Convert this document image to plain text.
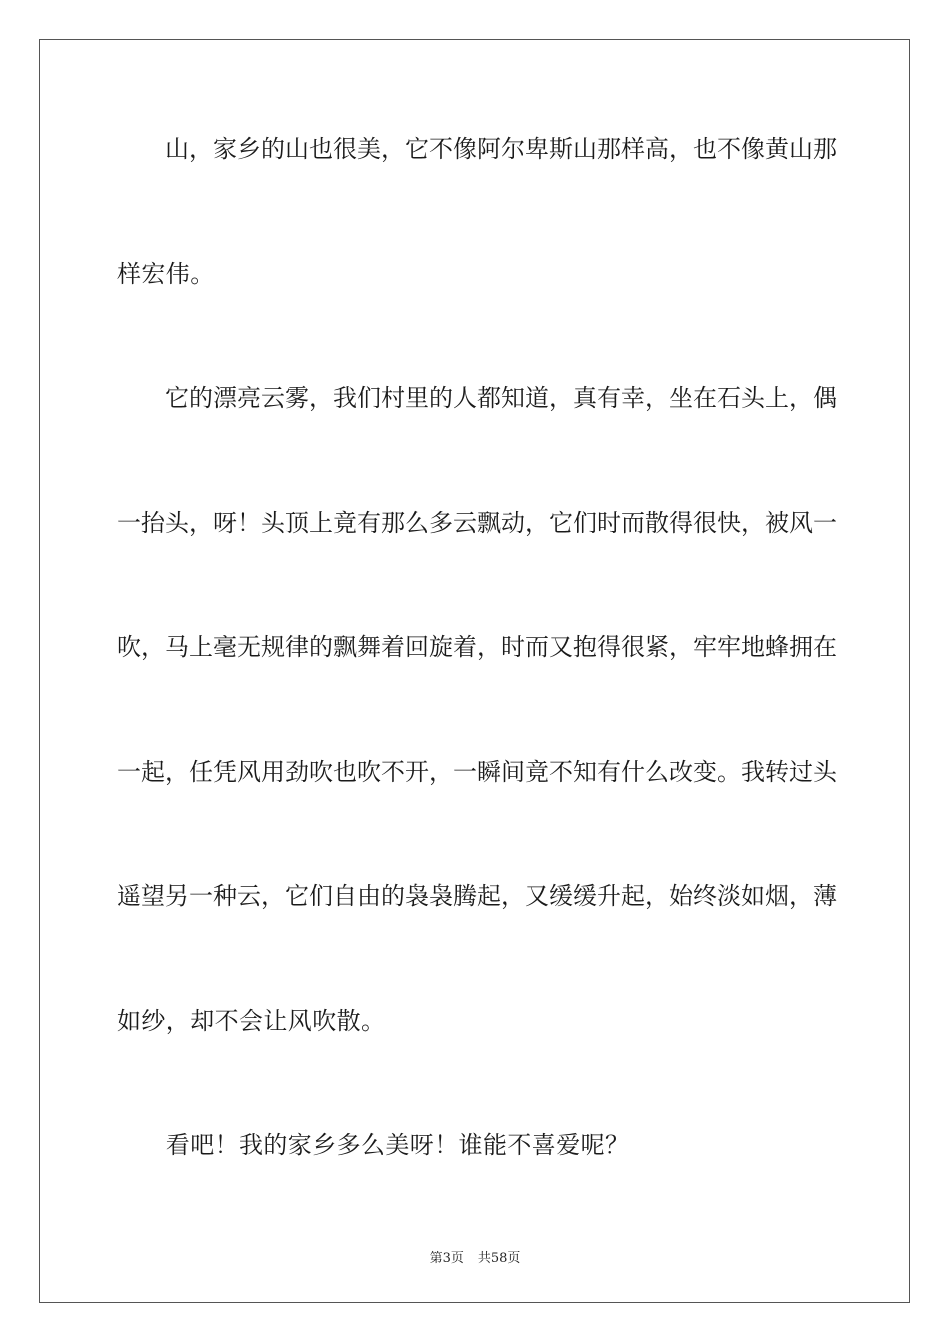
　　山，家乡的山也很美，它不像阿尔卑斯山那样高，也不像黄山那
样宏伟。
　　它的漂亮云雾，我们村里的人都知道，真有幸，坐在石头上，偶
一抬头，呀！头顶上竟有那么多云飘动，它们时而散得很快，被风一
吹，马上毫无规律的飘舞着回旋着，时而又抱得很紧，牢牢地蜂拥在
一起，任凭风用劲吹也吹不开，一瞬间竟不知有什么改变。我转过头
遥望另一种云，它们自由的袅袅腾起，又缓缓升起，始终淡如烟，薄
如纱，却不会让风吹散。
　　看吧！我的家乡多么美呀！谁能不喜爱呢？
第3页 共58页
